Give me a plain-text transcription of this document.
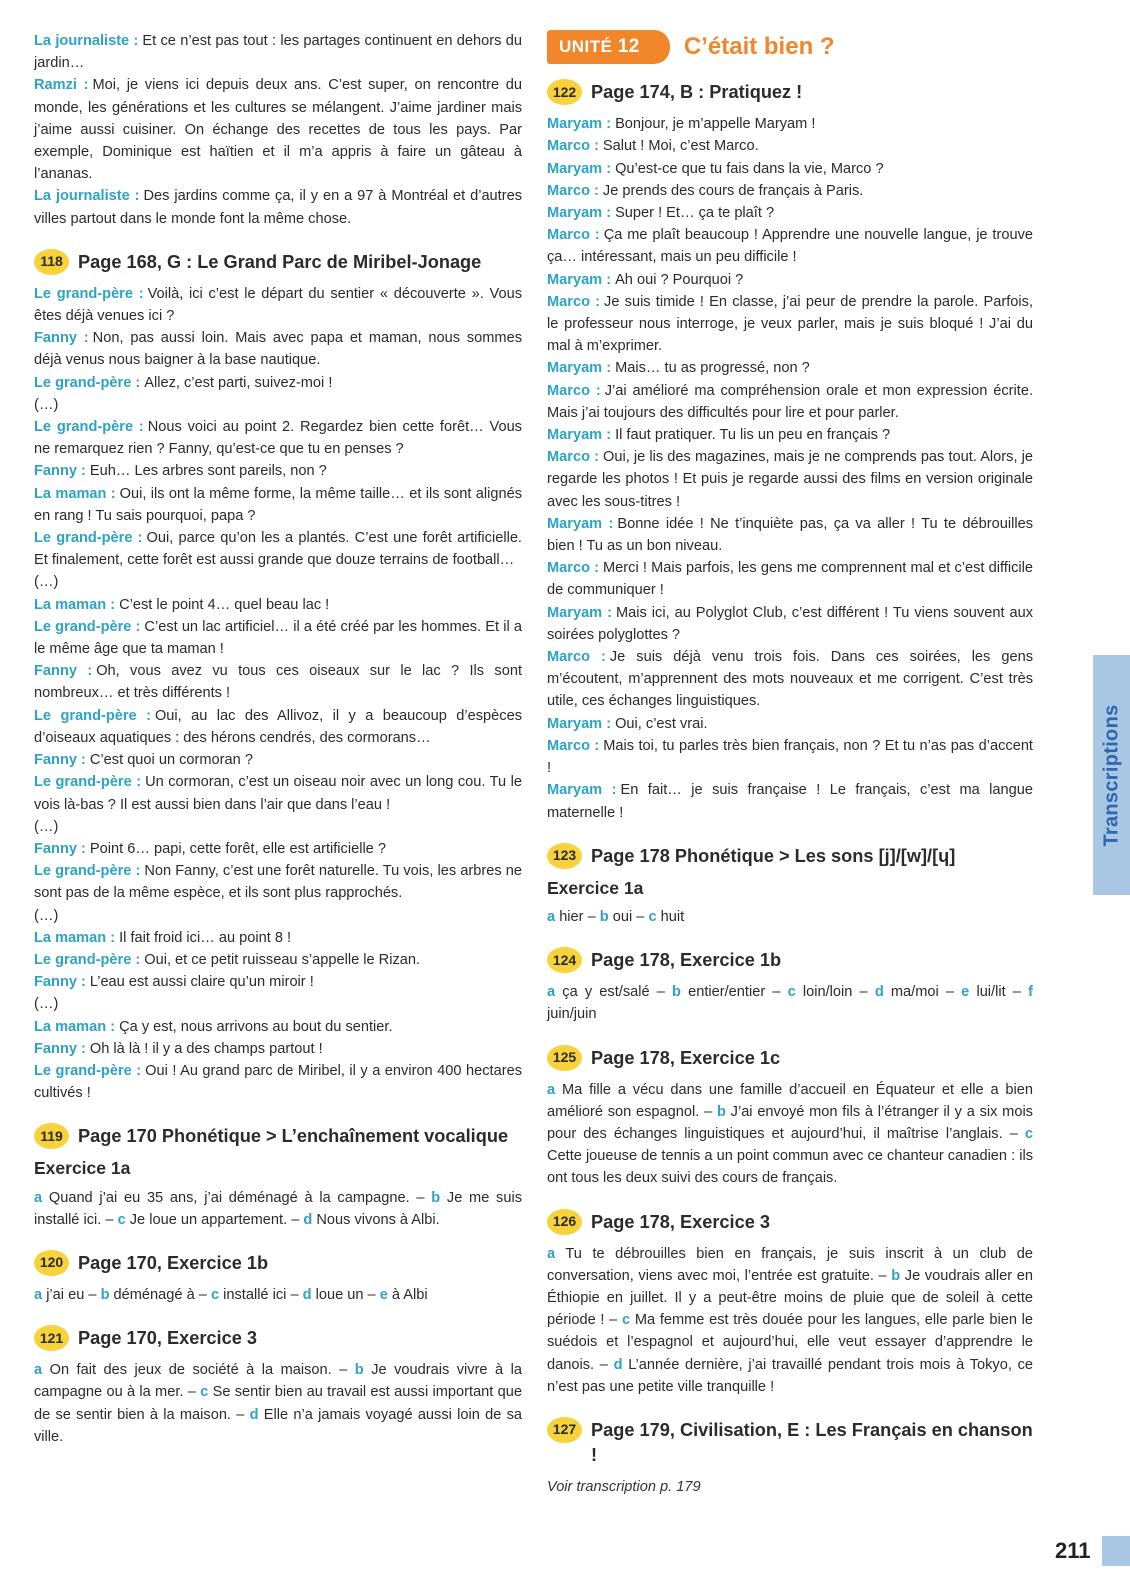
La journaliste : Et ce n’est pas tout : les partages continuent en dehors du jardin…

Ramzi : Moi, je viens ici depuis deux ans. C’est super, on rencontre du monde, les générations et les cultures se mélangent. J’aime jardiner mais j’aime aussi cuisiner. On échange des recettes de tous les pays. Par exemple, Dominique est haïtien et il m’a appris à faire un gâteau à l’ananas.

La journaliste : Des jardins comme ça, il y en a 97 à Montréal et d’autres villes partout dans le monde font la même chose.

118 Page 168, G : Le Grand Parc de Miribel-Jonage

Le grand-père : Voilà, ici c’est le départ du sentier « découverte ». Vous êtes déjà venues ici ?

Fanny : Non, pas aussi loin. Mais avec papa et maman, nous sommes déjà venus nous baigner à la base nautique.

Le grand-père : Allez, c’est parti, suivez-moi !

(…)

Le grand-père : Nous voici au point 2. Regardez bien cette forêt… Vous ne remarquez rien ? Fanny, qu’est-ce que tu en penses ?

Fanny : Euh… Les arbres sont pareils, non ?

La maman : Oui, ils ont la même forme, la même taille… et ils sont alignés en rang ! Tu sais pourquoi, papa ?

Le grand-père : Oui, parce qu’on les a plantés. C’est une forêt artificielle. Et finalement, cette forêt est aussi grande que douze terrains de football…

(…)

La maman : C’est le point 4… quel beau lac !

Le grand-père : C’est un lac artificiel… il a été créé par les hommes. Et il a le même âge que ta maman !

Fanny : Oh, vous avez vu tous ces oiseaux sur le lac ? Ils sont nombreux… et très différents !

Le grand-père : Oui, au lac des Allivoz, il y a beaucoup d’espèces d’oiseaux aquatiques : des hérons cendrés, des cormorans…

Fanny : C’est quoi un cormoran ?

Le grand-père : Un cormoran, c’est un oiseau noir avec un long cou. Tu le vois là-bas ? Il est aussi bien dans l’air que dans l’eau !

(…)

Fanny : Point 6… papi, cette forêt, elle est artificielle ?

Le grand-père : Non Fanny, c’est une forêt naturelle. Tu vois, les arbres ne sont pas de la même espèce, et ils sont plus rapprochés.

(…)

La maman : Il fait froid ici… au point 8 !

Le grand-père : Oui, et ce petit ruisseau s’appelle le Rizan.

Fanny : L’eau est aussi claire qu’un miroir !

(…)

La maman : Ça y est, nous arrivons au bout du sentier.

Fanny : Oh là là ! il y a des champs partout !

Le grand-père : Oui ! Au grand parc de Miribel, il y a environ 400 hectares cultivés !

119 Page 170 Phonétique > L’enchaînement vocalique
Exercice 1a

a Quand j’ai eu 35 ans, j’ai déménagé à la campagne. – b Je me suis installé ici. – c Je loue un appartement. – d Nous vivons à Albi.

120 Page 170, Exercice 1b

a j’ai eu – b déménagé à – c installé ici – d loue un – e à Albi

121 Page 170, Exercice 3

a On fait des jeux de société à la maison. – b Je voudrais vivre à la campagne ou à la mer. – c Se sentir bien au travail est aussi important que de se sentir bien à la maison. – d Elle n’a jamais voyagé aussi loin de sa ville.

UNITÉ 12	C’était bien ?
122 Page 174, B : Pratiquez !

Maryam : Bonjour, je m’appelle Maryam !

Marco : Salut ! Moi, c’est Marco.

Maryam : Qu’est-ce que tu fais dans la vie, Marco ?

Marco : Je prends des cours de français à Paris.

Maryam : Super ! Et… ça te plaît ?

Marco : Ça me plaît beaucoup ! Apprendre une nouvelle langue, je trouve ça… intéressant, mais un peu difficile !

Maryam : Ah oui ? Pourquoi ?

Marco : Je suis timide ! En classe, j’ai peur de prendre la parole. Parfois, le professeur nous interroge, je veux parler, mais je suis bloqué ! J’ai du mal à m’exprimer.

Maryam : Mais… tu as progressé, non ?

Marco : J’ai amélioré ma compréhension orale et mon expression écrite. Mais j’ai toujours des difficultés pour lire et pour parler.

Maryam : Il faut pratiquer. Tu lis un peu en français ?

Marco : Oui, je lis des magazines, mais je ne comprends pas tout. Alors, je regarde les photos ! Et puis je regarde aussi des films en version originale avec les sous-titres !

Maryam : Bonne idée ! Ne t’inquiète pas, ça va aller ! Tu te débrouilles bien ! Tu as un bon niveau.

Marco : Merci ! Mais parfois, les gens me comprennent mal et c’est difficile de communiquer !

Maryam : Mais ici, au Polyglot Club, c’est différent ! Tu viens souvent aux soirées polyglottes ?

Marco : Je suis déjà venu trois fois. Dans ces soirées, les gens m’écoutent, m’apprennent des mots nouveaux et me corrigent. C’est très utile, ces échanges linguistiques.

Maryam : Oui, c’est vrai.

Marco : Mais toi, tu parles très bien français, non ? Et tu n’as pas d’accent !

Maryam : En fait… je suis française ! Le français, c’est ma langue maternelle !

123 Page 178 Phonétique > Les sons [j]/[w]/[ɥ]
Exercice 1a

a hier – b oui – c huit

124 Page 178, Exercice 1b

a ça y est/salé – b entier/entier – c loin/loin – d ma/moi – e lui/lit – f juin/juin

125 Page 178, Exercice 1c

a Ma fille a vécu dans une famille d’accueil en Équateur et elle a bien amélioré son espagnol. – b J’ai envoyé mon fils à l’étranger il y a six mois pour des échanges linguistiques et aujourd’hui, il maîtrise l’anglais. – c Cette joueuse de tennis a un point commun avec ce chanteur canadien : ils ont tous les deux suivi des cours de français.

126 Page 178, Exercice 3

a Tu te débrouilles bien en français, je suis inscrit à un club de conversation, viens avec moi, l’entrée est gratuite. – b Je voudrais aller en Éthiopie en juillet. Il y a peut-être moins de pluie que de soleil à cette période ! – c Ma femme est très douée pour les langues, elle parle bien le suédois et l’espagnol et aujourd’hui, elle veut essayer d’apprendre le danois. – d L’année dernière, j’ai travaillé pendant trois mois à Tokyo, ce n’est pas une petite ville tranquille !

127 Page 179, Civilisation, E : Les Français en chanson !

Voir transcription p. 179

Transcriptions
211
